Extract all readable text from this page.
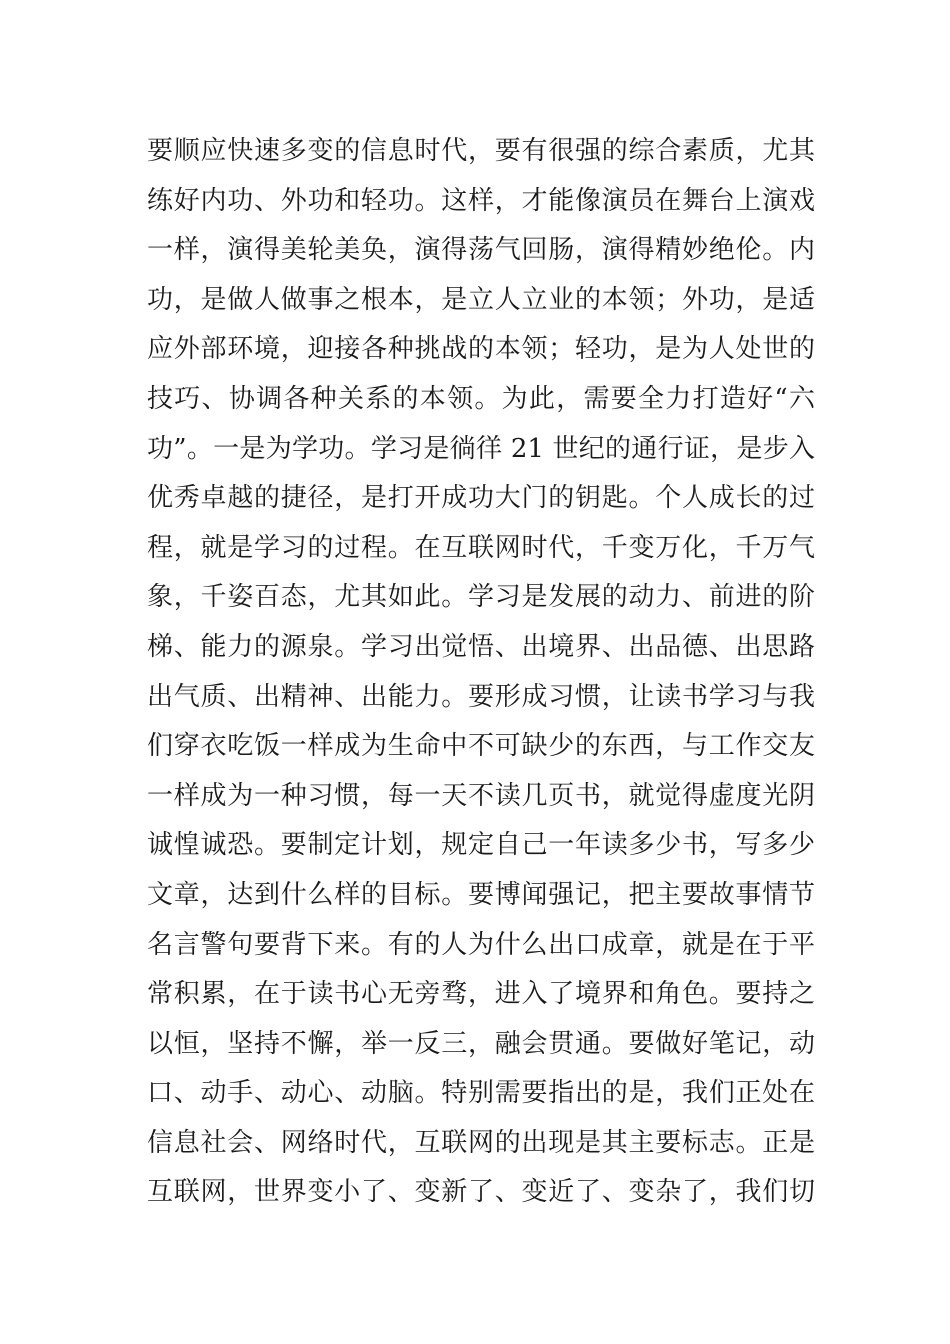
要顺应快速多变的信息时代，要有很强的综合素质，尤其
练好内功、外功和轻功。这样，才能像演员在舞台上演戏
一样，演得美轮美奂，演得荡气回肠，演得精妙绝伦。内
功，是做人做事之根本，是立人立业的本领；外功，是适
应外部环境，迎接各种挑战的本领；轻功，是为人处世的
技巧、协调各种关系的本领。为此，需要全力打造好“六
功”。一是为学功。学习是徜徉 21 世纪的通行证，是步入
优秀卓越的捷径，是打开成功大门的钥匙。个人成长的过
程，就是学习的过程。在互联网时代，千变万化，千万气
象，千姿百态，尤其如此。学习是发展的动力、前进的阶
梯、能力的源泉。学习出觉悟、出境界、出品德、出思路
出气质、出精神、出能力。要形成习惯，让读书学习与我
们穿衣吃饭一样成为生命中不可缺少的东西，与工作交友
一样成为一种习惯，每一天不读几页书，就觉得虚度光阴
诚惶诚恐。要制定计划，规定自己一年读多少书，写多少
文章，达到什么样的目标。要博闻强记，把主要故事情节
名言警句要背下来。有的人为什么出口成章，就是在于平
常积累，在于读书心无旁骛，进入了境界和角色。要持之
以恒，坚持不懈，举一反三，融会贯通。要做好笔记，动
口、动手、动心、动脑。特别需要指出的是，我们正处在
信息社会、网络时代，互联网的出现是其主要标志。正是
互联网，世界变小了、变新了、变近了、变杂了，我们切
